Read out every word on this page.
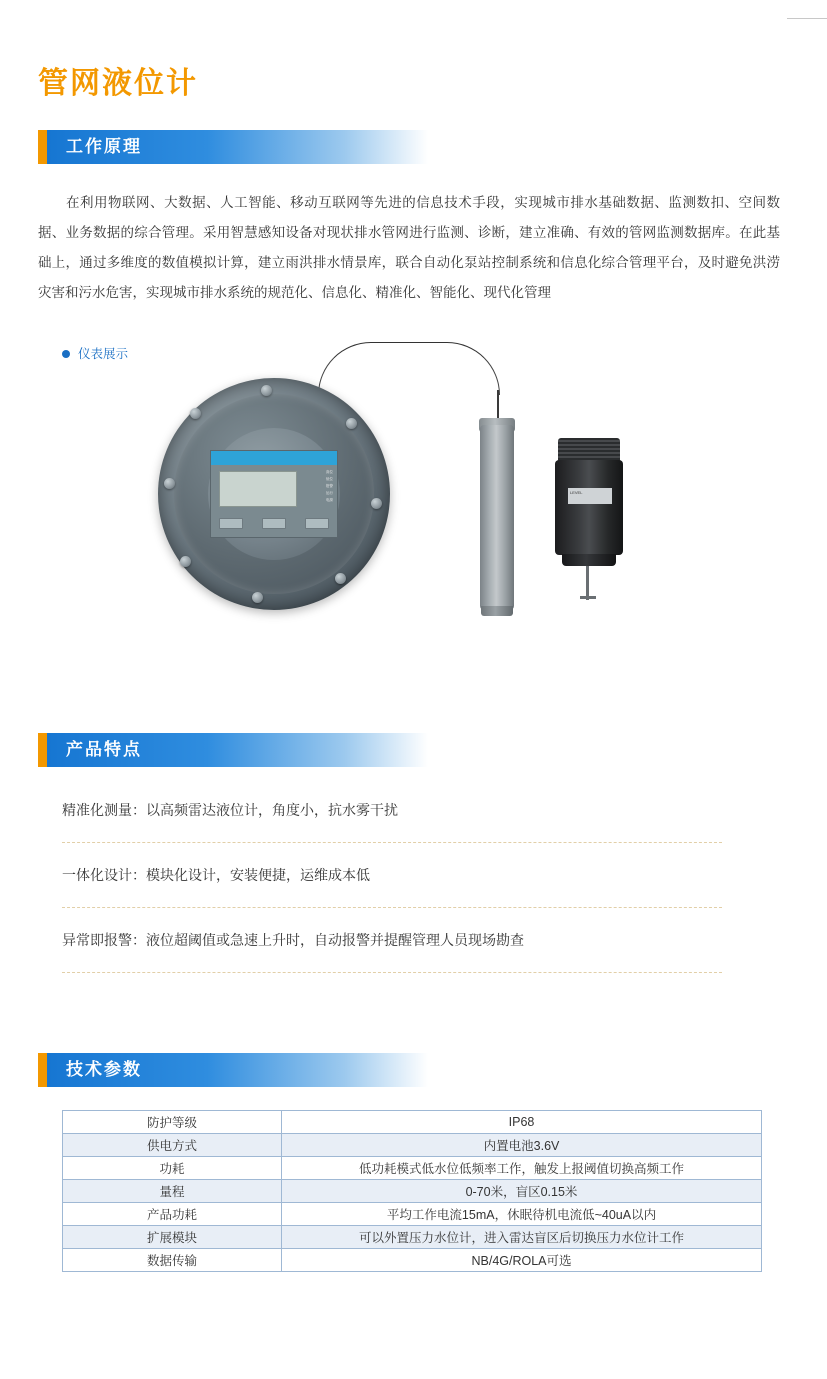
管网液位计
工作原理
在利用物联网、大数据、人工智能、移动互联网等先进的信息技术手段，实现城市排水基础数据、监测数扣、空间数据、业务数据的综合管理。采用智慧感知设备对现状排水管网进行监测、诊断，建立准确、有效的管网监测数据库。在此基础上，通过多维度的数值模拟计算，建立雨洪排水情景库，联合自动化泵站控制系统和信息化综合管理平台，及时避免洪涝灾害和污水危害，实现城市排水系统的规范化、信息化、精准化、智能化、现代化管理
仪表展示
高位
低位
报警
运行
电源
LEVEL
产品特点
精准化测量：以高频雷达液位计，角度小，抗水雾干扰
一体化设计：模块化设计，安装便捷，运维成本低
异常即报警：液位超阈值或急速上升时，自动报警并提醒管理人员现场勘查
技术参数
防护等级	IP68
供电方式	内置电池3.6V
功耗	低功耗模式低水位低频率工作，触发上报阈值切换高频工作
量程	0-70米，盲区0.15米
产品功耗	平均工作电流15mA，休眠待机电流低~40uA以内
扩展模块	可以外置压力水位计，进入雷达盲区后切换压力水位计工作
数据传输	NB/4G/ROLA可选
